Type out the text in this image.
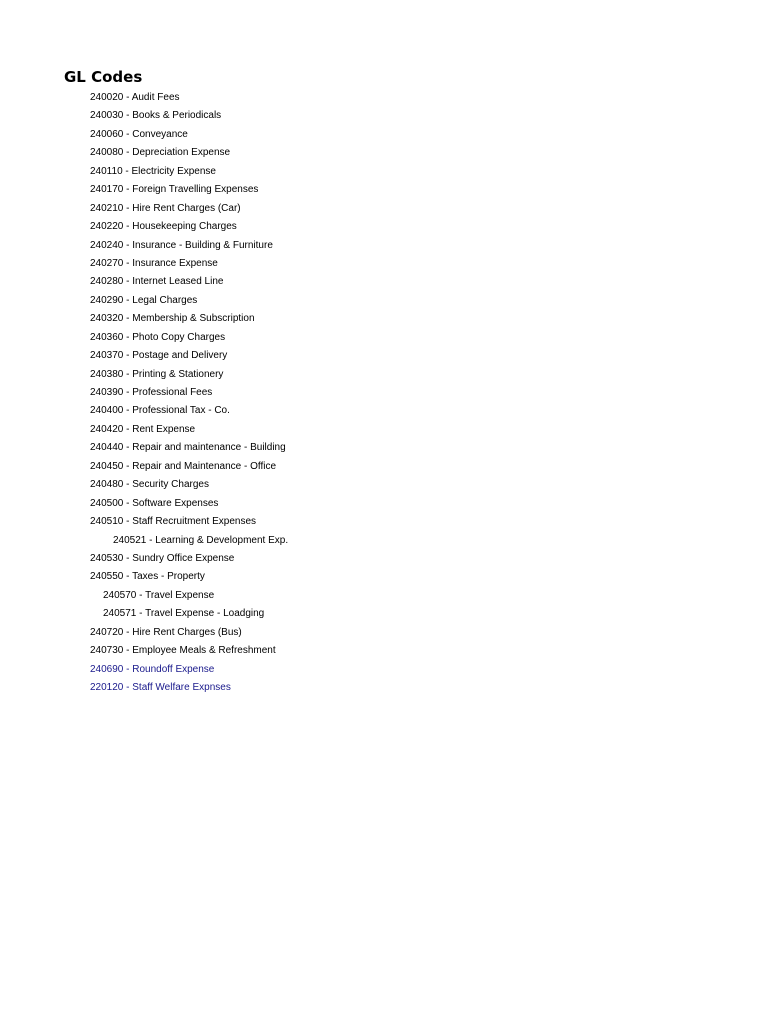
GL Codes
240020 - Audit Fees
240030 - Books & Periodicals
240060 - Conveyance
240080 - Depreciation Expense
240110 - Electricity Expense
240170 - Foreign Travelling Expenses
240210 - Hire Rent Charges (Car)
240220 - Housekeeping Charges
240240 - Insurance - Building & Furniture
240270 - Insurance Expense
240280 - Internet Leased Line
240290 - Legal Charges
240320 - Membership & Subscription
240360 - Photo Copy Charges
240370 - Postage and Delivery
240380 - Printing & Stationery
240390 - Professional Fees
240400 - Professional Tax - Co.
240420 - Rent Expense
240440 - Repair and maintenance - Building
240450 - Repair and Maintenance - Office
240480 - Security Charges
240500 - Software Expenses
240510 - Staff Recruitment Expenses
240521 - Learning & Development Exp.
240530 - Sundry Office Expense
240550 - Taxes - Property
240570 - Travel Expense
240571 - Travel Expense - Loadging
240720 - Hire Rent Charges (Bus)
240730 - Employee Meals & Refreshment
240690 - Roundoff Expense
220120 - Staff Welfare Expnses
